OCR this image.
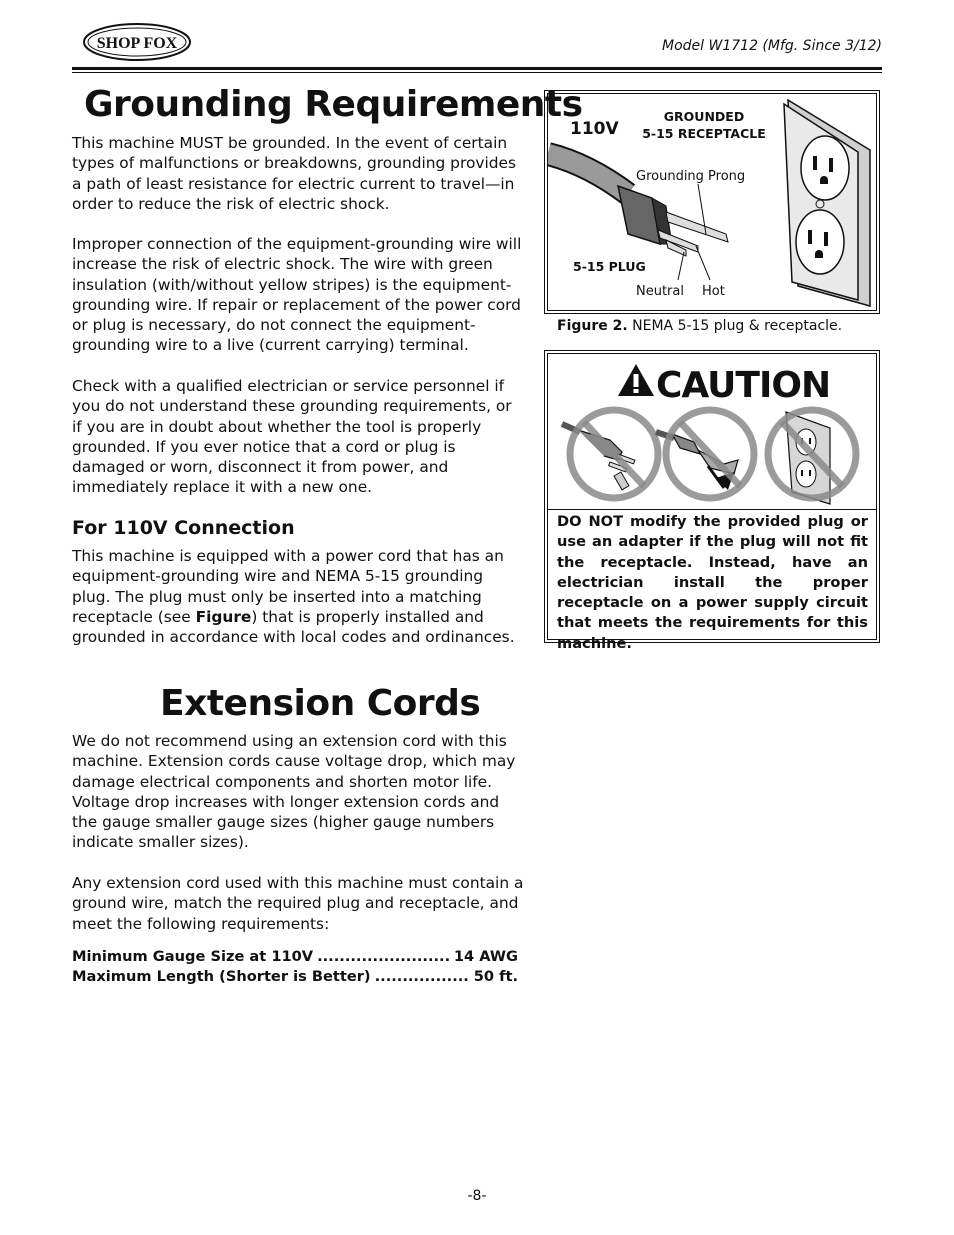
SHOP FOX	Model W1712 (Mfg. Since 3/12)
Grounding Requirements
This machine MUST be grounded. In the event of certain types of malfunctions or breakdowns, grounding provides a path of least resistance for electric current to travel—in order to reduce the risk of electric shock.
Improper connection of the equipment-grounding wire will increase the risk of electric shock. The wire with green insulation (with/without yellow stripes) is the equipment-grounding wire. If repair or replacement of the power cord or plug is necessary, do not connect the equipment-grounding wire to a live (current carrying) terminal.
Check with a qualified electrician or service personnel if you do not understand these grounding requirements, or if you are in doubt about whether the tool is properly grounded. If you ever notice that a cord or plug is damaged or worn, disconnect it from power, and immediately replace it with a new one.
For 110V Connection
This machine is equipped with a power cord that has an equipment-grounding wire and NEMA 5-15 grounding plug. The plug must only be inserted into a matching receptacle (see Figure) that is properly installed and grounded in accordance with local codes and ordinances.
Extension Cords
We do not recommend using an extension cord with this machine. Extension cords cause voltage drop, which may damage electrical components and shorten motor life. Voltage drop increases with longer extension cords and the gauge smaller gauge sizes (higher gauge numbers indicate smaller sizes).
Any extension cord used with this machine must contain a ground wire, match the required plug and receptacle, and meet the following requirements:
Minimum Gauge Size at 110V .....	14 AWG
Maximum Length (Shorter is Better) .....	50 ft.
110V
GROUNDED
5-15 RECEPTACLE
Grounding Prong
5-15 PLUG
Neutral Hot
Figure 2. NEMA 5-15 plug & receptacle.
CAUTION
DO NOT modify the provided plug or use an adapter if the plug will not fit the receptacle. Instead, have an electrician install the proper receptacle on a power supply circuit that meets the requirements for this machine.
-8-
